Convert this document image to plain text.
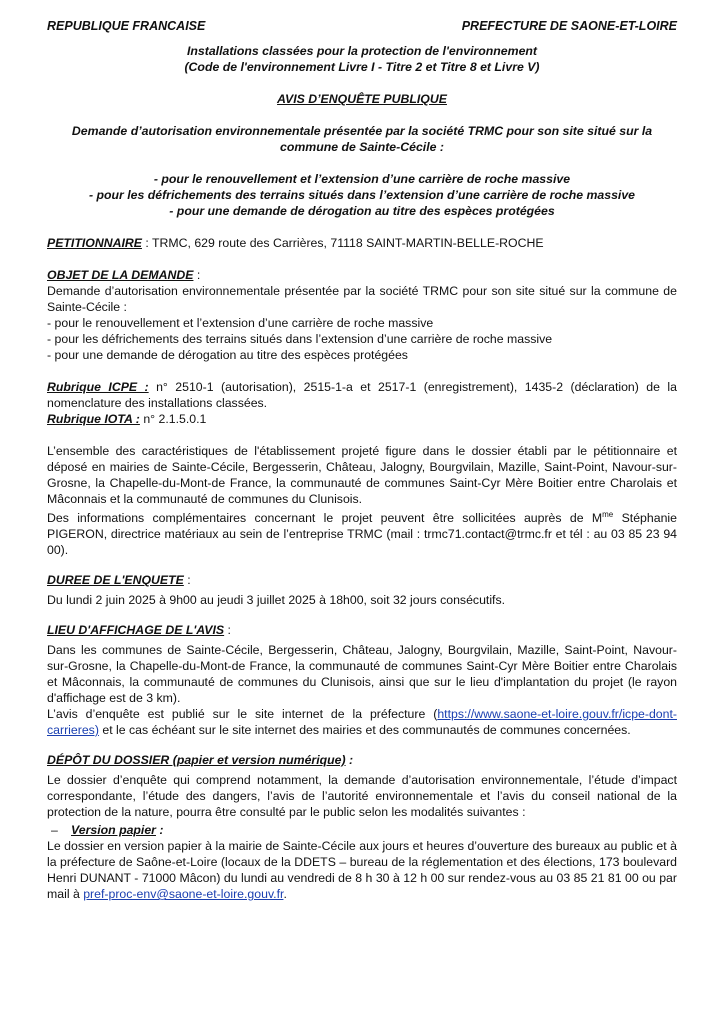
REPUBLIQUE FRANCAISE	PREFECTURE DE SAONE-ET-LOIRE

Installations classées pour la protection de l'environnement

(Code de l'environnement Livre I - Titre 2 et Titre 8 et Livre V)

AVIS D’ENQUÊTE PUBLIQUE
Demande d’autorisation environnementale présentée par la société TRMC pour son site situé sur la commune de Sainte-Cécile :

- pour le renouvellement et l’extension d’une carrière de roche massive

- pour les défrichements des terrains situés dans l’extension d’une carrière de roche massive

- pour une demande de dérogation au titre des espèces protégées

PETITIONNAIRE : TRMC, 629 route des Carrières, 71118 SAINT-MARTIN-BELLE-ROCHE

OBJET DE LA DEMANDE :

Demande d’autorisation environnementale présentée par la société TRMC pour son site situé sur la commune de Sainte-Cécile :

- pour le renouvellement et l’extension d’une carrière de roche massive

- pour les défrichements des terrains situés dans l’extension d’une carrière de roche massive

- pour une demande de dérogation au titre des espèces protégées

Rubrique ICPE : n° 2510-1 (autorisation), 2515-1-a et 2517-1 (enregistrement), 1435-2 (déclaration) de la nomenclature des installations classées.

Rubrique IOTA : n° 2.1.5.0.1

L’ensemble des caractéristiques de l'établissement projeté figure dans le dossier établi par le pétitionnaire et déposé en mairies de Sainte-Cécile, Bergesserin, Château, Jalogny, Bourgvilain, Mazille, Saint-Point, Navour-sur-Grosne, la Chapelle-du-Mont-de France, la communauté de communes Saint-Cyr Mère Boitier entre Charolais et Mâconnais et la communauté de communes du Clunisois.

Des informations complémentaires concernant le projet peuvent être sollicitées auprès de $M^{me}$ Stéphanie PIGERON, directrice matériaux au sein de l’entreprise TRMC (mail : trmc71.contact@trmc.fr et tél : au 03 85 23 94 00).

DUREE DE L'ENQUETE :

Du lundi 2 juin 2025 à 9h00 au jeudi 3 juillet 2025 à 18h00, soit 32 jours consécutifs.

LIEU D'AFFICHAGE DE L'AVIS :

Dans les communes de Sainte-Cécile, Bergesserin, Château, Jalogny, Bourgvilain, Mazille, Saint-Point, Navour-sur-Grosne, la Chapelle-du-Mont-de France, la communauté de communes Saint-Cyr Mère Boitier entre Charolais et Mâconnais, la communauté de communes du Clunisois, ainsi que sur le lieu d'implantation du projet (le rayon d'affichage est de 3 km).

L’avis d’enquête est publié sur le site internet de la préfecture (https://www.saone-et-loire.gouv.fr/icpe-dont-carrieres) et le cas échéant sur le site internet des mairies et des communautés de communes concernées.

DÉPÔT DU DOSSIER (papier et version numérique) :

Le dossier d’enquête qui comprend notamment, la demande d’autorisation environnementale, l’étude d’impact correspondante, l’étude des dangers, l’avis de l’autorité environnementale et l’avis du conseil national de la protection de la nature, pourra être consulté par le public selon les modalités suivantes :

– Version papier :

Le dossier en version papier à la mairie de Sainte-Cécile aux jours et heures d’ouverture des bureaux au public et à la préfecture de Saône-et-Loire (locaux de la DDETS – bureau de la réglementation et des élections, 173 boulevard Henri DUNANT - 71000 Mâcon) du lundi au vendredi de 8 h 30 à 12 h 00 sur rendez-vous au 03 85 21 81 00 ou par mail à pref-proc-env@saone-et-loire.gouv.fr.
